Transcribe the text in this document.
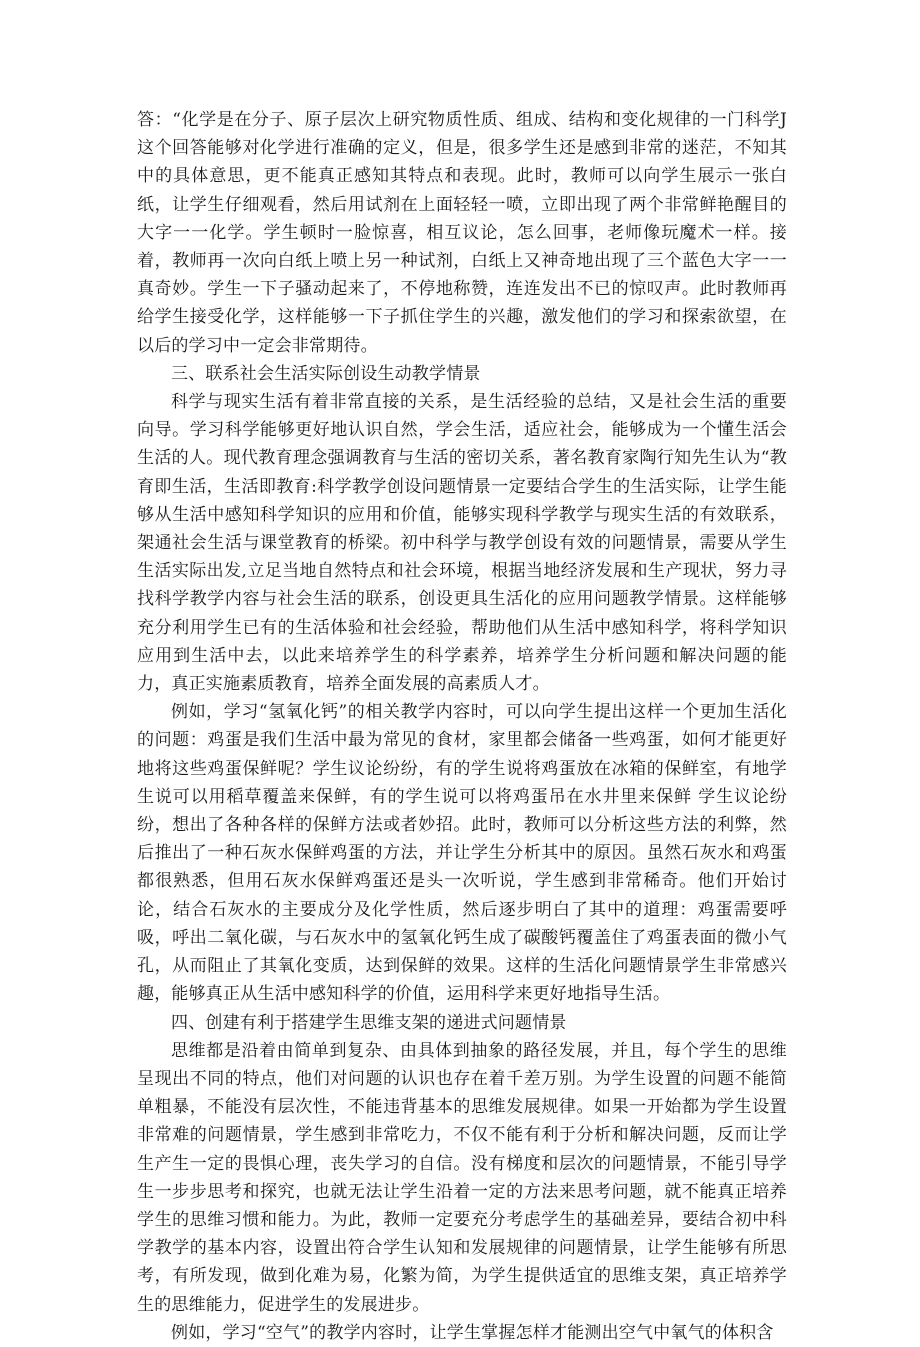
答：“化学是在分子、原子层次上研究物质性质、组成、结构和变化规律的一门科学J这个回答能够对化学进行准确的定义，但是，很多学生还是感到非常的迷茫，不知其中的具体意思，更不能真正感知其特点和表现。此时，教师可以向学生展示一张白纸，让学生仔细观看，然后用试剂在上面轻轻一喷，立即出现了两个非常鲜艳醒目的大字一一化学。学生顿时一脸惊喜，相互议论，怎么回事，老师像玩魔术一样。接着，教师再一次向白纸上喷上另一种试剂，白纸上又神奇地出现了三个蓝色大字一一真奇妙。学生一下子骚动起来了，不停地称赞，连连发出不已的惊叹声。此时教师再给学生接受化学，这样能够一下子抓住学生的兴趣，激发他们的学习和探索欲望，在以后的学习中一定会非常期待。

三、联系社会生活实际创设生动教学情景

科学与现实生活有着非常直接的关系，是生活经验的总结，又是社会生活的重要向导。学习科学能够更好地认识自然，学会生活，适应社会，能够成为一个懂生活会生活的人。现代教育理念强调教育与生活的密切关系，著名教育家陶行知先生认为“教育即生活，生活即教育:科学教学创设问题情景一定要结合学生的生活实际，让学生能够从生活中感知科学知识的应用和价值，能够实现科学教学与现实生活的有效联系，架通社会生活与课堂教育的桥梁。初中科学与教学创设有效的问题情景，需要从学生生活实际出发,立足当地自然特点和社会环境，根据当地经济发展和生产现状，努力寻找科学教学内容与社会生活的联系，创设更具生活化的应用问题教学情景。这样能够充分利用学生已有的生活体验和社会经验，帮助他们从生活中感知科学，将科学知识应用到生活中去，以此来培养学生的科学素养，培养学生分析问题和解决问题的能力，真正实施素质教育，培养全面发展的高素质人才。

例如，学习“氢氧化钙”的相关教学内容时，可以向学生提出这样一个更加生活化的问题：鸡蛋是我们生活中最为常见的食材，家里都会储备一些鸡蛋，如何才能更好地将这些鸡蛋保鲜呢？学生议论纷纷，有的学生说将鸡蛋放在冰箱的保鲜室，有地学生说可以用稻草覆盖来保鲜，有的学生说可以将鸡蛋吊在水井里来保鲜 学生议论纷纷，想出了各种各样的保鲜方法或者妙招。此时，教师可以分析这些方法的利弊，然后推出了一种石灰水保鲜鸡蛋的方法，并让学生分析其中的原因。虽然石灰水和鸡蛋都很熟悉，但用石灰水保鲜鸡蛋还是头一次听说，学生感到非常稀奇。他们开始讨论，结合石灰水的主要成分及化学性质，然后逐步明白了其中的道理：鸡蛋需要呼吸，呼出二氧化碳，与石灰水中的氢氧化钙生成了碳酸钙覆盖住了鸡蛋表面的微小气孔，从而阻止了其氧化变质，达到保鲜的效果。这样的生活化问题情景学生非常感兴趣，能够真正从生活中感知科学的价值，运用科学来更好地指导生活。

四、创建有利于搭建学生思维支架的递进式问题情景

思维都是沿着由简单到复杂、由具体到抽象的路径发展，并且，每个学生的思维呈现出不同的特点，他们对问题的认识也存在着千差万别。为学生设置的问题不能简单粗暴，不能没有层次性，不能违背基本的思维发展规律。如果一开始都为学生设置非常难的问题情景，学生感到非常吃力，不仅不能有利于分析和解决问题，反而让学生产生一定的畏惧心理，丧失学习的自信。没有梯度和层次的问题情景，不能引导学生一步步思考和探究，也就无法让学生沿着一定的方法来思考问题，就不能真正培养学生的思维习惯和能力。为此，教师一定要充分考虑学生的基础差异，要结合初中科学教学的基本内容，设置出符合学生认知和发展规律的问题情景，让学生能够有所思考，有所发现，做到化难为易，化繁为简，为学生提供适宜的思维支架，真正培养学生的思维能力，促进学生的发展进步。

例如，学习“空气”的教学内容时，让学生掌握怎样才能测出空气中氧气的体积含
